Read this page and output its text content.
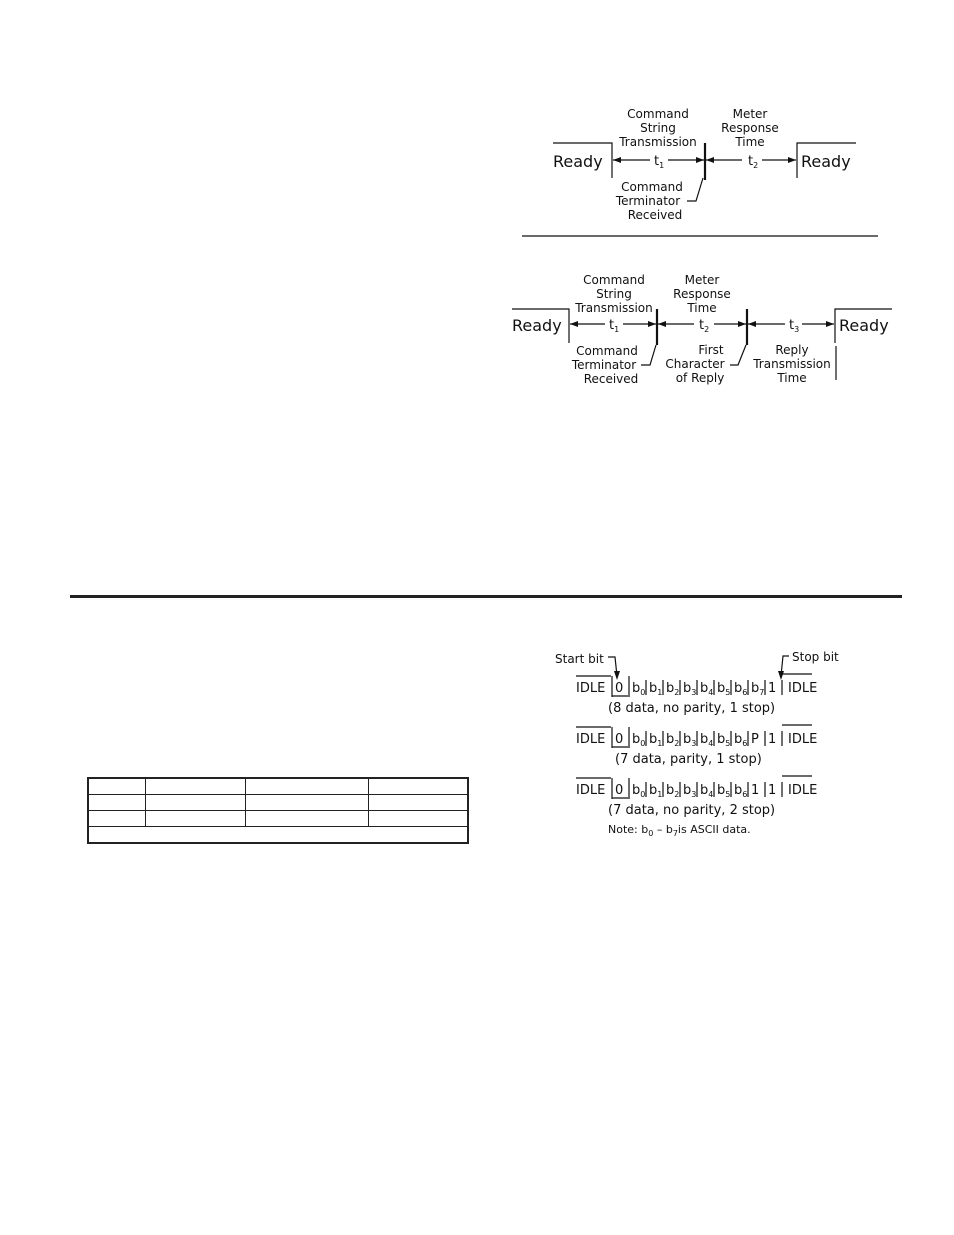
Command
String
Transmission
Meter
Response
Time
Ready	Ready
$t_1$	$t_2$
Command
Terminator
Received
Command
String
Transmission
Meter
Response
Time
Ready	Ready
$t_1$	$t_2$	$t_3$
Command
Terminator
Received
First
Character
of Reply
Reply
Transmission
Time

Start bit	Stop bit
IDLE 0 $b_0$ $b_1$ $b_2$ $b_3$ $b_4$ $b_5$ $b_6$ $b_7$ 1 IDLE
(8 data, no parity, 1 stop)
IDLE 0 $b_0$ $b_1$ $b_2$ $b_3$ $b_4$ $b_5$ $b_6$ P 1 IDLE
(7 data, parity, 1 stop)
IDLE 0 $b_0$ $b_1$ $b_2$ $b_3$ $b_4$ $b_5$ $b_6$ 1 1 IDLE
(7 data, no parity, 2 stop)
Note: $b_0 - b_7is$ ASCII data.
